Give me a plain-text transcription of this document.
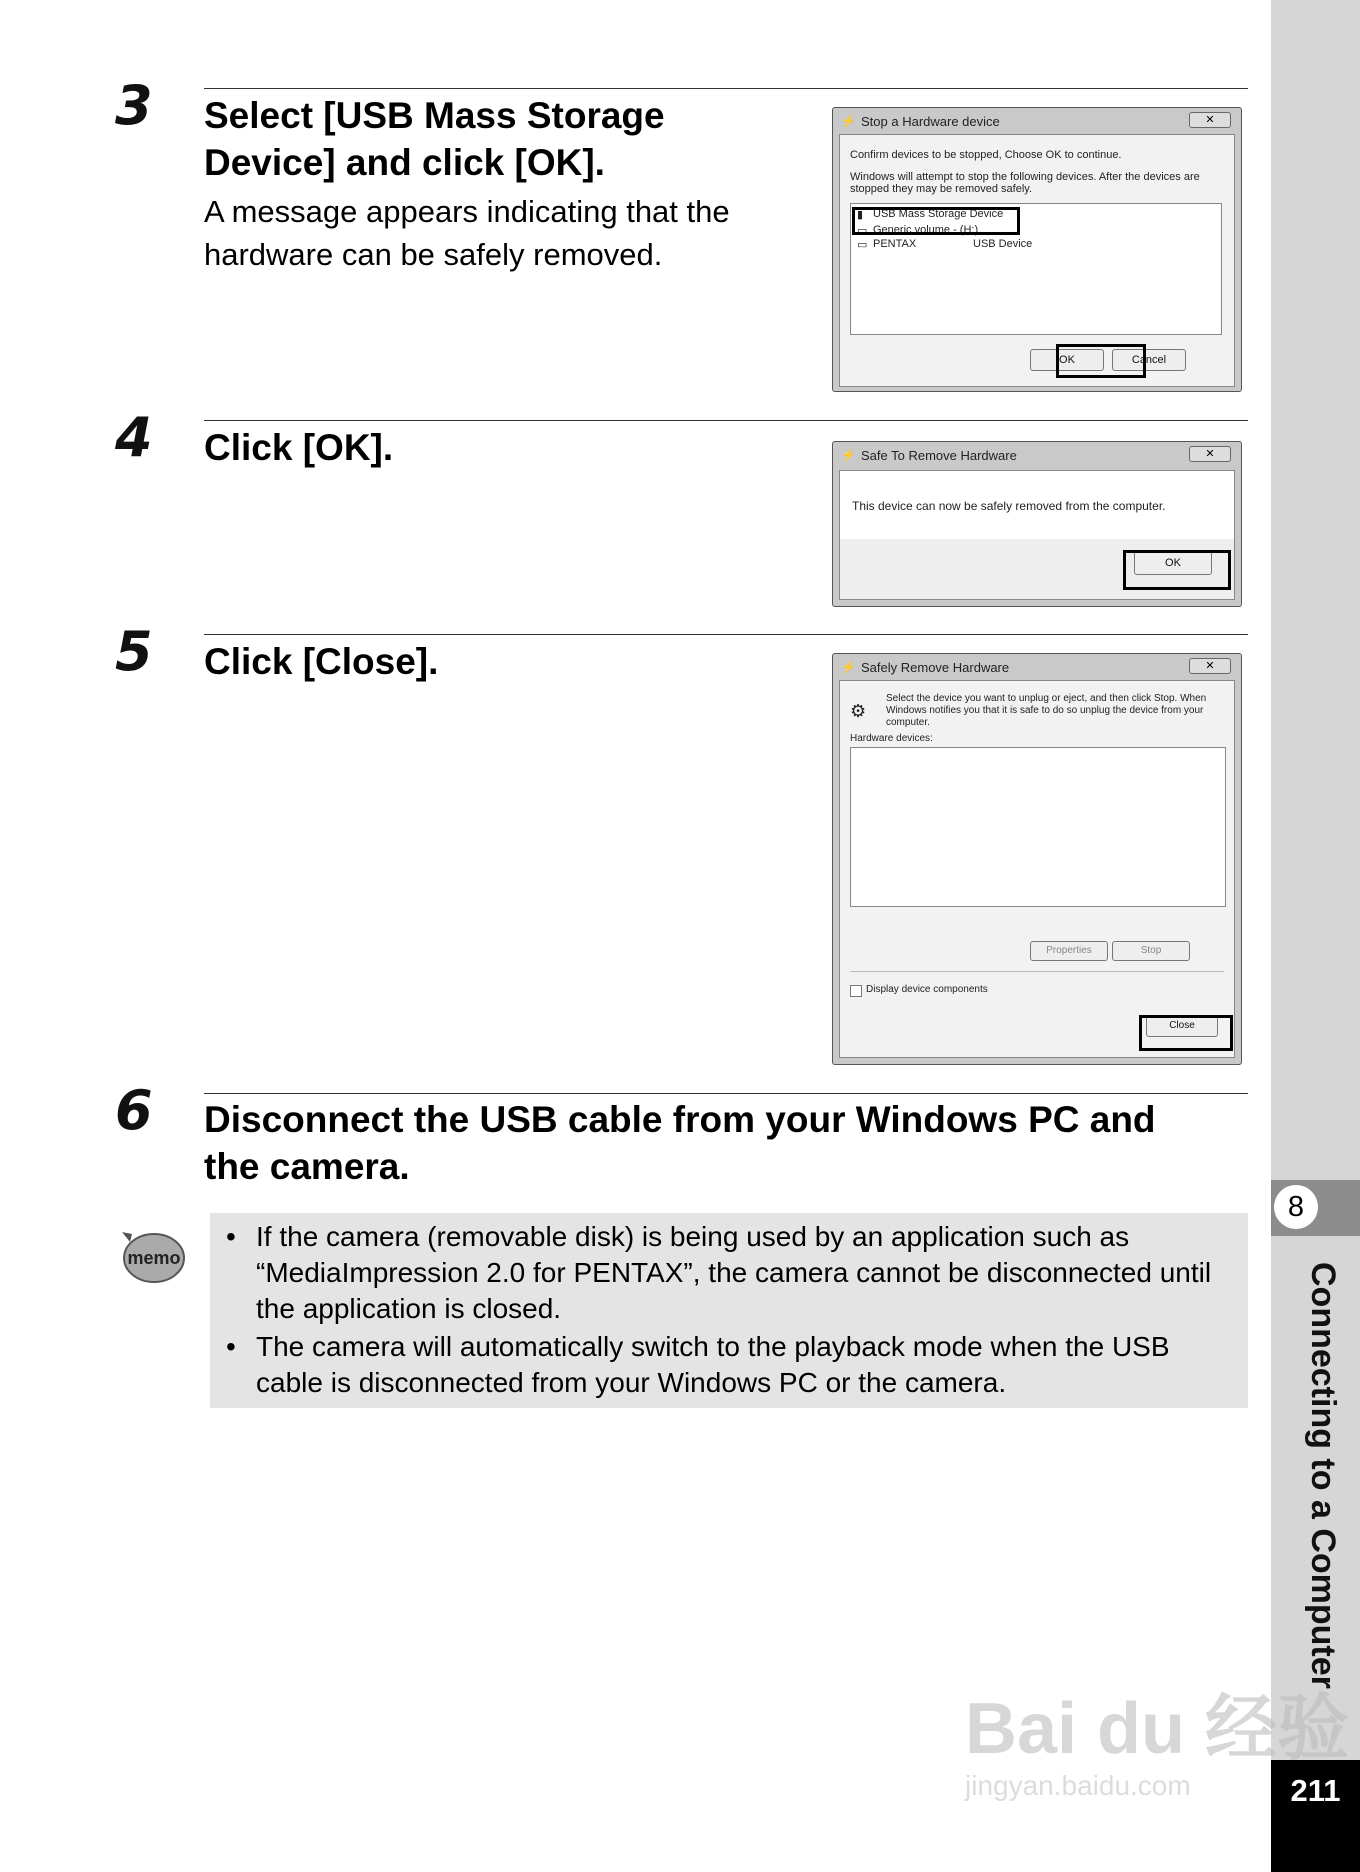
8
Connecting to a Computer
211
3 Select [USB Mass Storage
Device] and click [OK].
A message appears indicating that the
hardware can be safely removed.
⚡ Stop a Hardware device	✕
Confirm devices to be stopped, Choose OK to continue.
Windows will attempt to stop the following devices. After the devices are
stopped they may be removed safely.
▮ USB Mass Storage Device
▭ Generic volume - (H:)
▭ PENTAX	USB Device
OK	Cancel
4 Click [OK].	⚡ Safe To Remove Hardware	✕
This device can now be safely removed from the computer.
OK
5 Click [Close].	⚡ Safely Remove Hardware	✕
⚙
Select the device you want to unplug or eject, and then click Stop. When
Windows notifies you that it is safe to do so unplug the device from your
computer.
Hardware devices:
Properties	Stop
Display device components
Close
6 Disconnect the USB cable from your Windows PC and
the camera.
memo
• If the camera (removable disk) is being used by an application such as “MediaImpression 2.0 for PENTAX”, the camera cannot be disconnected until the application is closed.
• The camera will automatically switch to the playback mode when the USB cable is disconnected from your Windows PC or the camera.
Bai du 经验
jingyan.baidu.com
